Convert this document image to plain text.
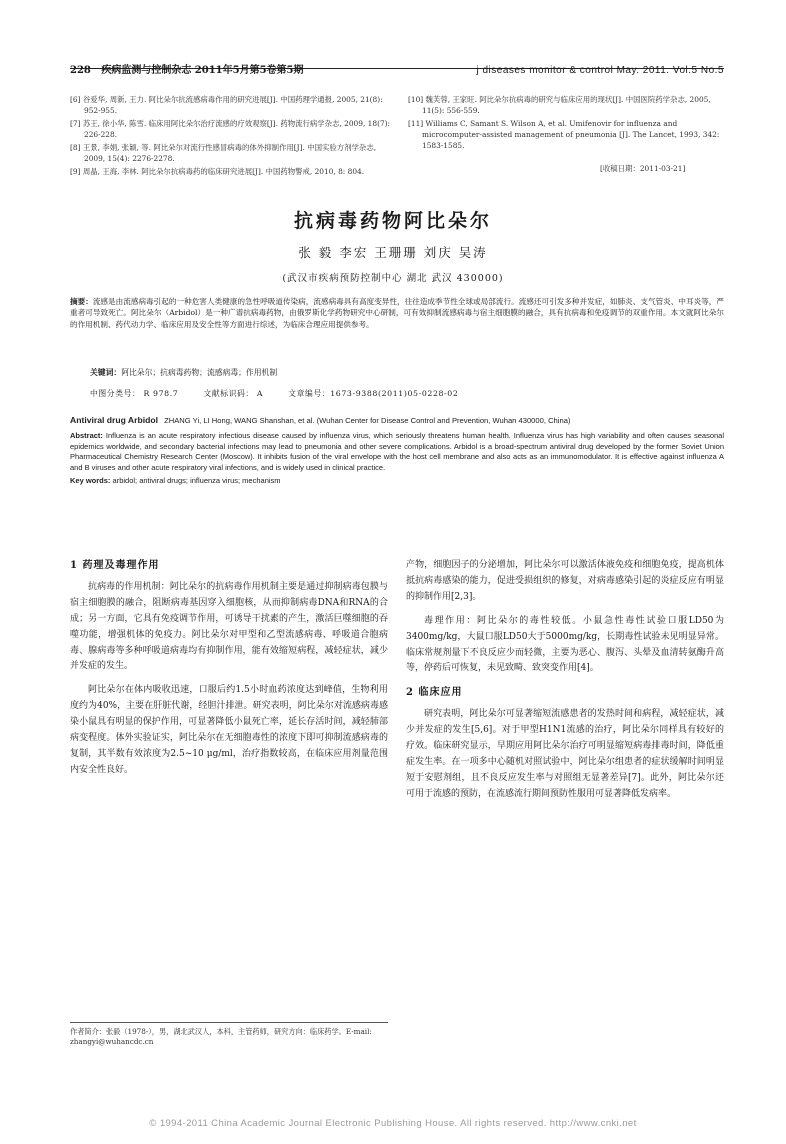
228 疾病监测与控制杂志 2011年5月第5卷第5期	j diseases monitor & control May. 2011. Vol.5 No.5
[6] 谷爱华, 周新, 王力. 阿比朵尔抗流感病毒作用的研究进展[J]. 中国药理学通报, 2005, 21(8): 952-955.
[7] 苏王, 徐小华, 陈雪. 临床用阿比朵尔治疗流感的疗效观察[J]. 药物流行病学杂志, 2009, 18(7): 226-228.
[8] 王景, 李娟, 张颖, 等. 阿比朵尔对流行性感冒病毒的体外抑制作用[J]. 中国实验方剂学杂志, 2009, 15(4): 2276-2278.
[9] 周晶, 王海, 李林. 阿比朵尔抗病毒药的临床研究进展[J]. 中国药物警戒, 2010, 8: 804.
[10] 魏芙蓉, 王家旺. 阿比朵尔抗病毒的研究与临床应用的现状[J]. 中国医院药学杂志, 2005, 11(5): 556-559.
[11] Williams C, Samant S. Wilson A, et al. Umifenovir for influenza and microcomputer-assisted management of pneumonia [J]. The Lancet, 1993, 342: 1583-1585.
[收稿日期：2011-03-21]
抗病毒药物阿比朵尔
张 毅 李宏 王珊珊 刘庆 吴涛
(武汉市疾病预防控制中心 湖北 武汉 430000)
摘要：流感是由流感病毒引起的一种危害人类健康的急性呼吸道传染病，流感病毒具有高度变异性，往往造成季节性全球或局部流行。流感还可引发多种并发症，如肺炎、支气管炎、中耳炎等，严重者可导致死亡。阿比朵尔（Arbidol）是一种广谱抗病毒药物，由俄罗斯化学药物研究中心研制，可有效抑制流感病毒与宿主细胞膜的融合，具有抗病毒和免疫调节的双重作用。本文就阿比朵尔的作用机制、药代动力学、临床应用及安全性等方面进行综述，为临床合理应用提供参考。
关键词：阿比朵尔；抗病毒药物；流感病毒；作用机制
中图分类号： R 978.7	文献标识码： A	文章编号：1673-9388(2011)05-0228-02
Antiviral drug Arbidol ZHANG Yi, LI Hong, WANG Shanshan, et al. (Wuhan Center for Disease Control and Prevention, Wuhan 430000, China)
Abstract: Influenza is an acute respiratory infectious disease caused by influenza virus, which seriously threatens human health. Influenza virus has high variability and often causes seasonal epidemics worldwide, and secondary bacterial infections may lead to pneumonia and other severe complications. Arbidol is a broad-spectrum antiviral drug developed by the former Soviet Union Pharmaceutical Chemistry Research Center (Moscow). It inhibits fusion of the viral envelope with the host cell membrane and also acts as an immunomodulator. It is effective against influenza A and B viruses and other acute respiratory viral infections, and is widely used in clinical practice.
Key words: arbidol; antiviral drugs; influenza virus; mechanism
1 药理及毒理作用

抗病毒的作用机制：阿比朵尔的抗病毒作用机制主要是通过抑制病毒包膜与宿主细胞膜的融合，阻断病毒基因穿入细胞核，从而抑制病毒DNA和RNA的合成；另一方面，它具有免疫调节作用，可诱导干扰素的产生，激活巨噬细胞的吞噬功能，增强机体的免疫力。阿比朵尔对甲型和乙型流感病毒、呼吸道合胞病毒、腺病毒等多种呼吸道病毒均有抑制作用，能有效缩短病程，减轻症状，减少并发症的发生。

阿比朵尔在体内吸收迅速，口服后约1.5小时血药浓度达到峰值，生物利用度约为40%，主要在肝脏代谢，经胆汁排泄。研究表明，阿比朵尔对流感病毒感染小鼠具有明显的保护作用，可显著降低小鼠死亡率，延长存活时间，减轻肺部病变程度。体外实验证实，阿比朵尔在无细胞毒性的浓度下即可抑制流感病毒的复制，其半数有效浓度为2.5~10 μg/ml，治疗指数较高，在临床应用剂量范围内安全性良好。

产物，细胞因子的分泌增加，阿比朵尔可以激活体液免疫和细胞免疫，提高机体抵抗病毒感染的能力，促进受损组织的修复，对病毒感染引起的炎症反应有明显的抑制作用[2,3]。

毒理作用：阿比朵尔的毒性较低。小鼠急性毒性试验口服LD50为3400mg/kg，大鼠口服LD50大于5000mg/kg，长期毒性试验未见明显异常。临床常规剂量下不良反应少而轻微，主要为恶心、腹泻、头晕及血清转氨酶升高等，停药后可恢复，未见致畸、致突变作用[4]。

2 临床应用

研究表明，阿比朵尔可显著缩短流感患者的发热时间和病程，减轻症状，减少并发症的发生[5,6]。对于甲型H1N1流感的治疗，阿比朵尔同样具有较好的疗效。临床研究显示，早期应用阿比朵尔治疗可明显缩短病毒排毒时间，降低重症发生率。在一项多中心随机对照试验中，阿比朵尔组患者的症状缓解时间明显短于安慰剂组，且不良反应发生率与对照组无显著差异[7]。此外，阿比朵尔还可用于流感的预防，在流感流行期间预防性服用可显著降低发病率。

作者简介：张毅（1978-），男，湖北武汉人，本科，主管药师，研究方向：临床药学。E-mail: zhangyi@wuhancdc.cn
© 1994-2011 China Academic Journal Electronic Publishing House. All rights reserved. http://www.cnki.net
